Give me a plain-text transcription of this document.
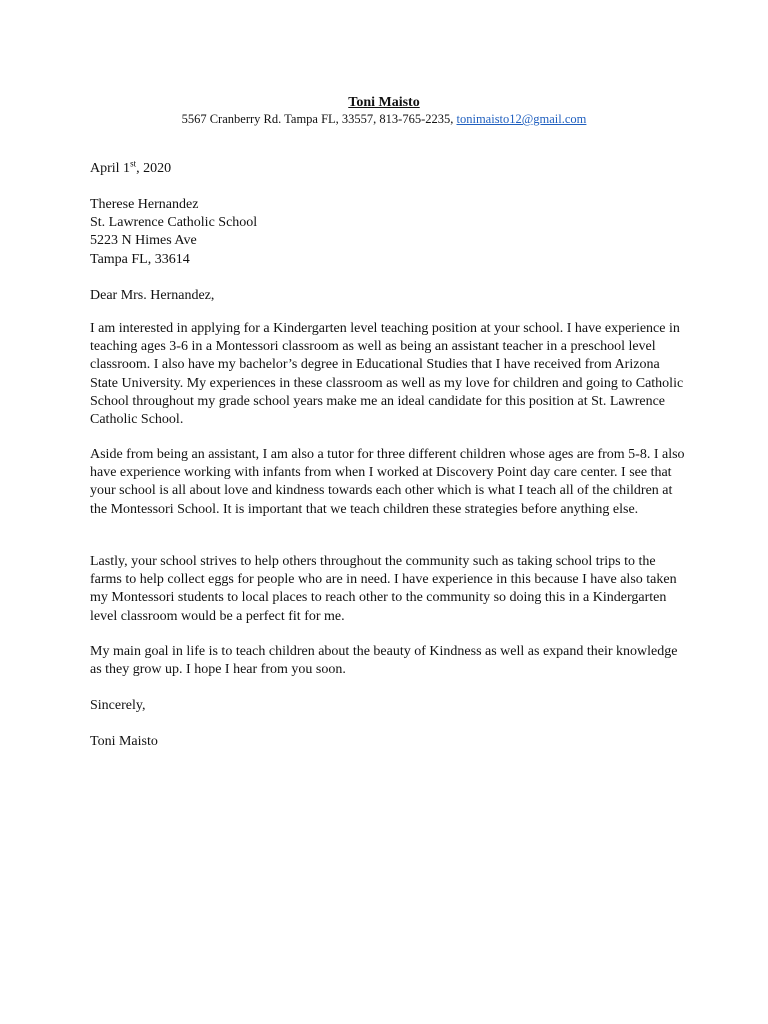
Toni Maisto
5567 Cranberry Rd. Tampa FL, 33557, 813-765-2235, tonimaisto12@gmail.com
April 1st, 2020
Therese Hernandez
St. Lawrence Catholic School
5223 N Himes Ave
Tampa FL, 33614
Dear Mrs. Hernandez,
I am interested in applying for a Kindergarten level teaching position at your school. I have experience in teaching ages 3-6 in a Montessori classroom as well as being an assistant teacher in a preschool level classroom. I also have my bachelor’s degree in Educational Studies that I have received from Arizona State University. My experiences in these classroom as well as my love for children and going to Catholic School throughout my grade school years make me an ideal candidate for this position at St. Lawrence Catholic School.
Aside from being an assistant, I am also a tutor for three different children whose ages are from 5-8. I also have experience working with infants from when I worked at Discovery Point day care center. I see that your school is all about love and kindness towards each other which is what I teach all of the children at the Montessori School. It is important that we teach children these strategies before anything else.
Lastly, your school strives to help others throughout the community such as taking school trips to the farms to help collect eggs for people who are in need. I have experience in this because I have also taken my Montessori students to local places to reach other to the community so doing this in a Kindergarten level classroom would be a perfect fit for me.
My main goal in life is to teach children about the beauty of Kindness as well as expand their knowledge as they grow up. I hope I hear from you soon.
Sincerely,
Toni Maisto
